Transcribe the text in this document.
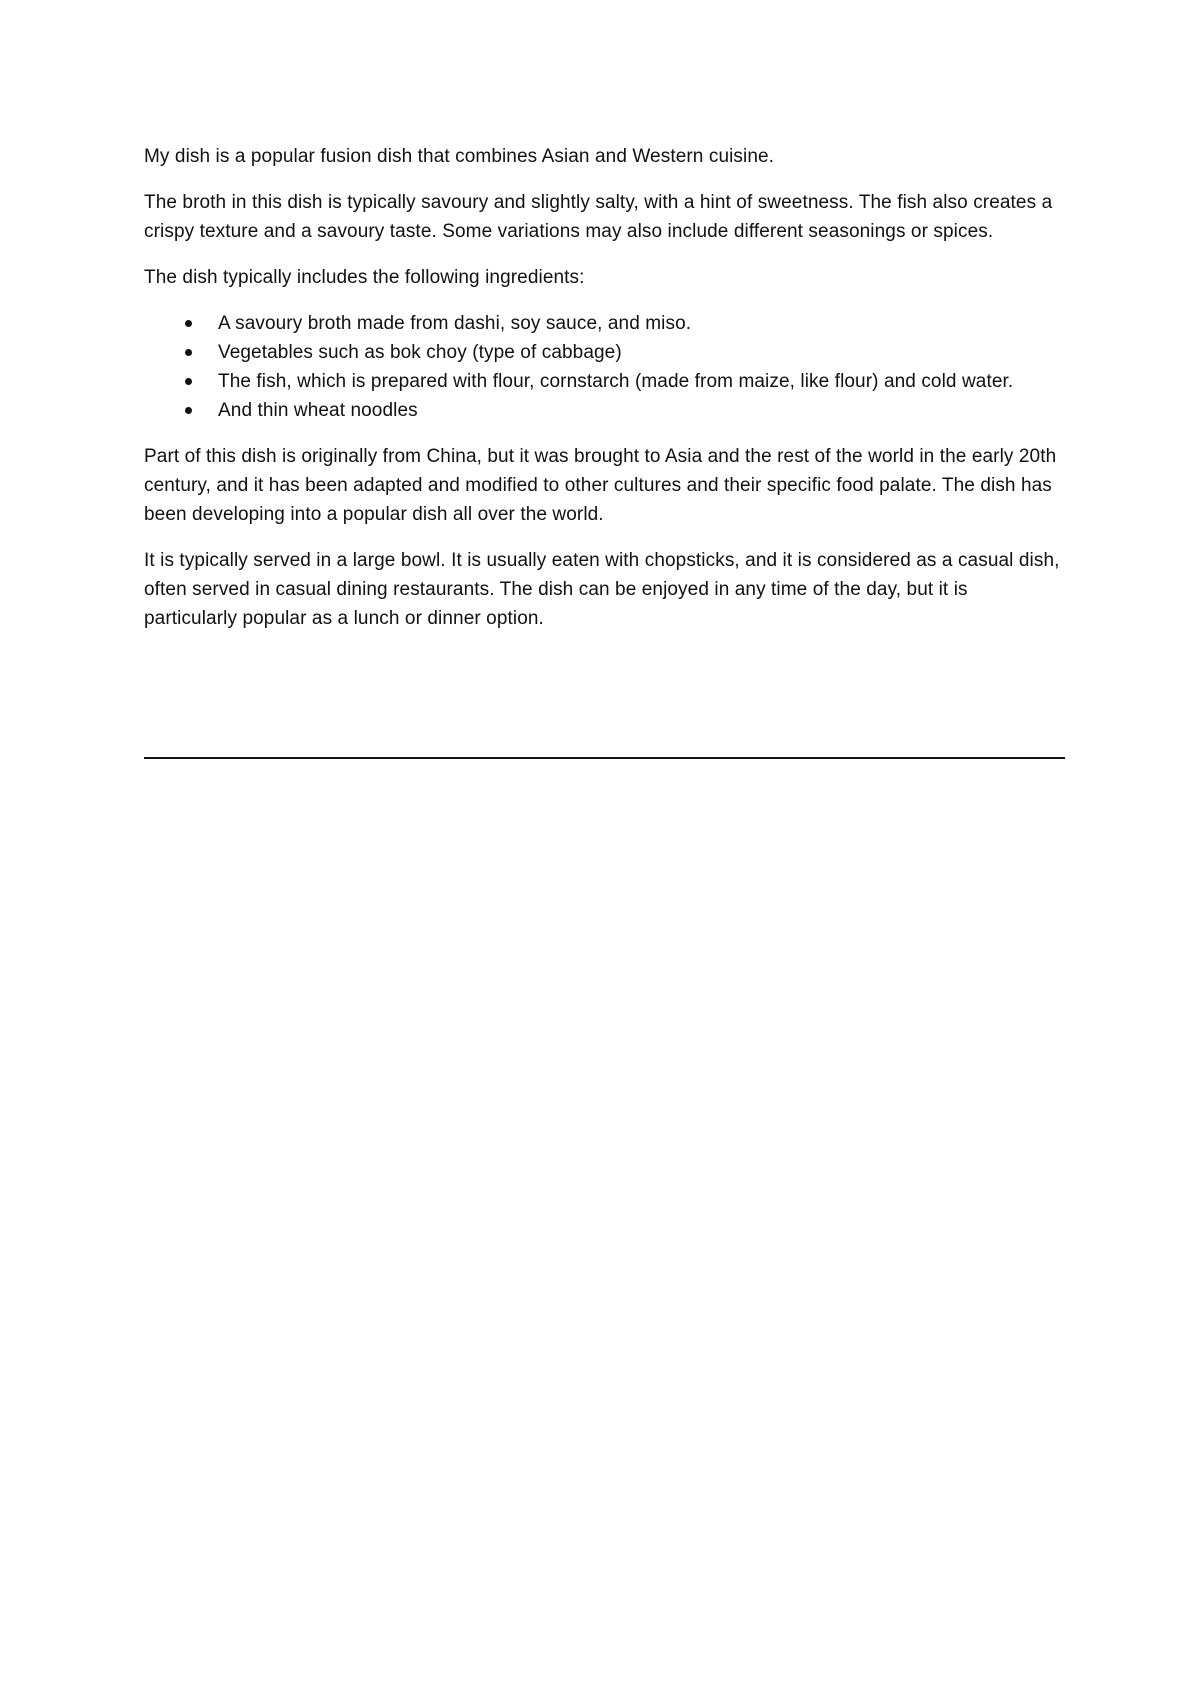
My dish is a popular fusion dish that combines Asian and Western cuisine.

The broth in this dish is typically savoury and slightly salty, with a hint of sweetness. The fish also creates a crispy texture and a savoury taste. Some variations may also include different seasonings or spices.

The dish typically includes the following ingredients:

A savoury broth made from dashi, soy sauce, and miso.
Vegetables such as bok choy (type of cabbage)
The fish, which is prepared with flour, cornstarch (made from maize, like flour) and cold water.
And thin wheat noodles

Part of this dish is originally from China, but it was brought to Asia and the rest of the world in the early 20th century, and it has been adapted and modified to other cultures and their specific food palate. The dish has been developing into a popular dish all over the world.

It is typically served in a large bowl. It is usually eaten with chopsticks, and it is considered as a casual dish, often served in casual dining restaurants. The dish can be enjoyed in any time of the day, but it is particularly popular as a lunch or dinner option.
